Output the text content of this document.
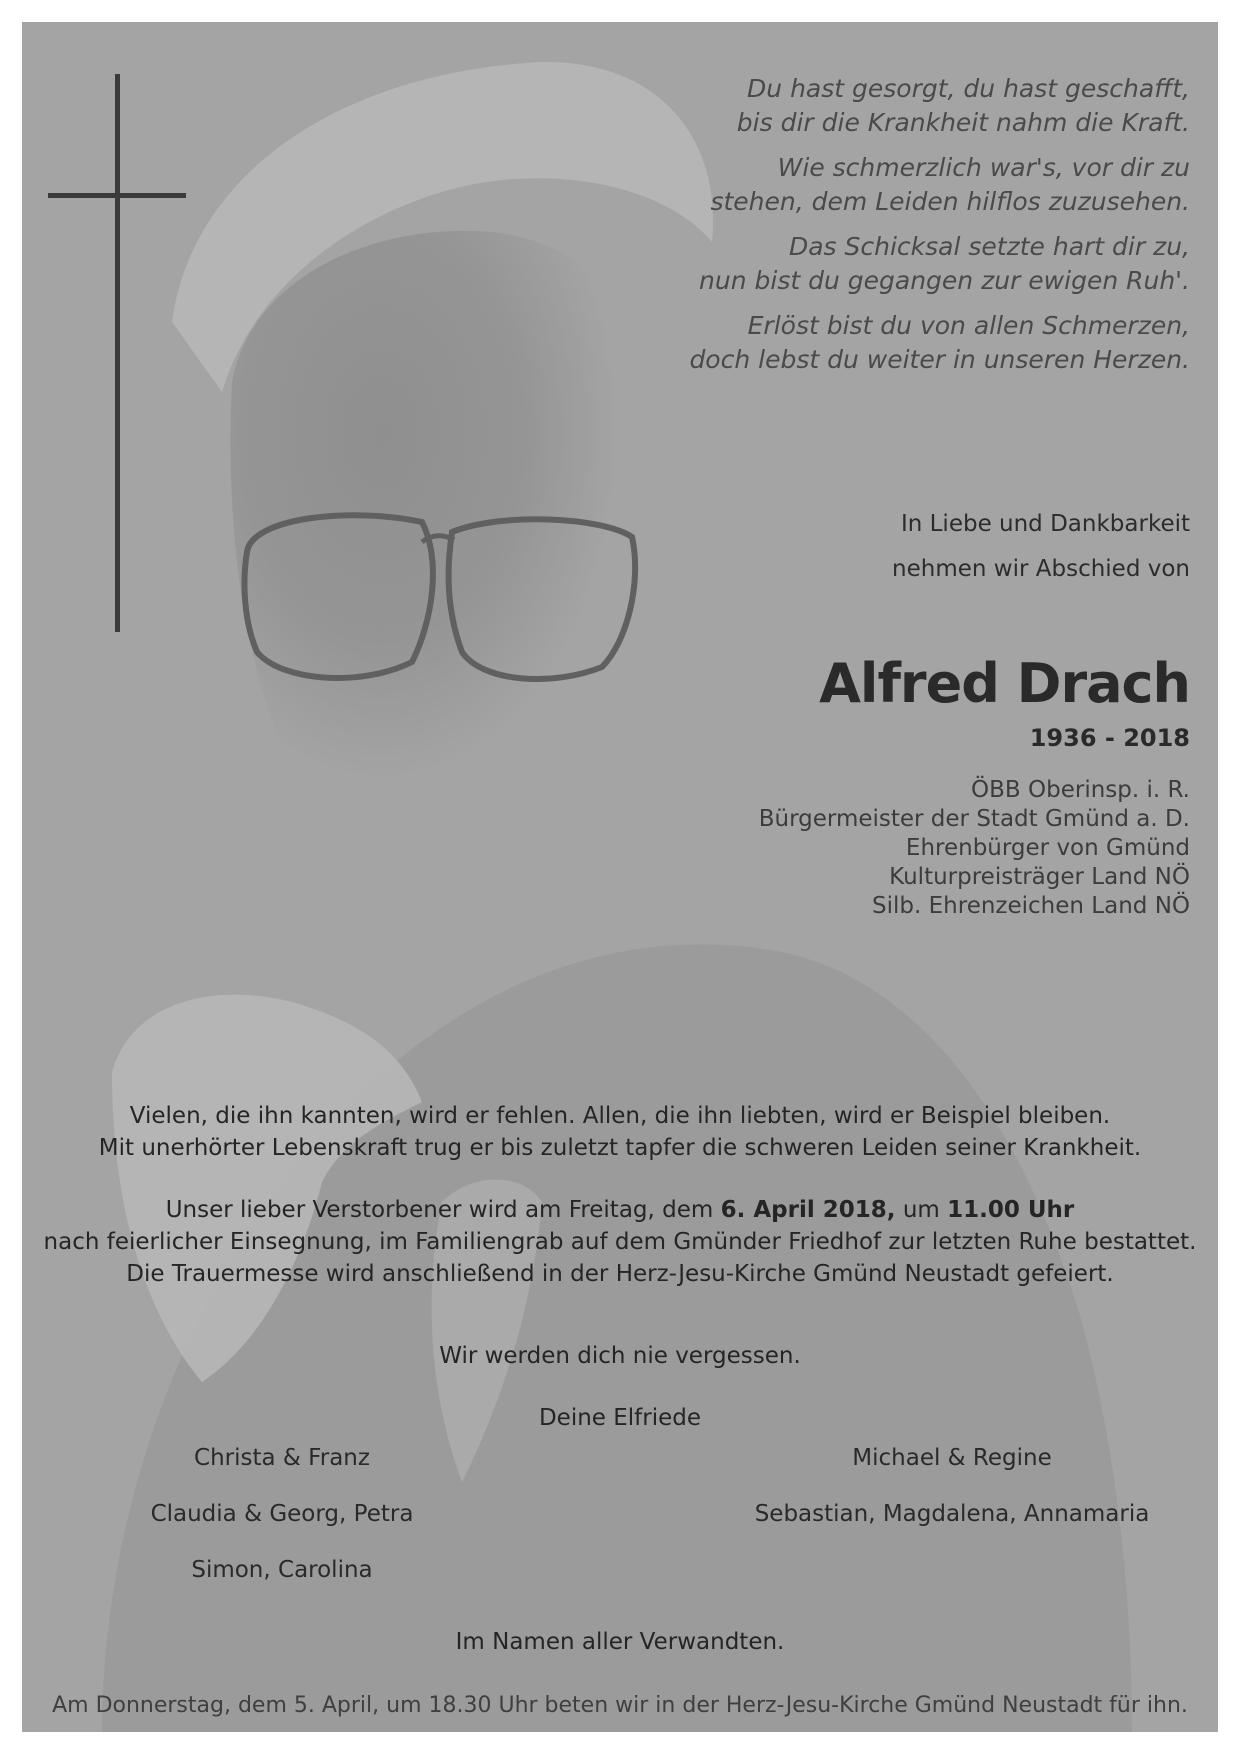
Du hast gesorgt, du hast geschafft,
bis dir die Krankheit nahm die Kraft.

Wie schmerzlich war's, vor dir zu
stehen, dem Leiden hilflos zuzusehen.

Das Schicksal setzte hart dir zu,
nun bist du gegangen zur ewigen Ruh'.

Erlöst bist du von allen Schmerzen,
doch lebst du weiter in unseren Herzen.

In Liebe und Dankbarkeit
nehmen wir Abschied von
Alfred Drach
1936 - 2018
ÖBB Oberinsp. i. R.
Bürgermeister der Stadt Gmünd a. D.
Ehrenbürger von Gmünd
Kulturpreisträger Land NÖ
Silb. Ehrenzeichen Land NÖ
Vielen, die ihn kannten, wird er fehlen. Allen, die ihn liebten, wird er Beispiel bleiben.
Mit unerhörter Lebenskraft trug er bis zuletzt tapfer die schweren Leiden seiner Krankheit.
Unser lieber Verstorbener wird am Freitag, dem 6. April 2018, um 11.00 Uhr
nach feierlicher Einsegnung, im Familiengrab auf dem Gmünder Friedhof zur letzten Ruhe bestattet.
Die Trauermesse wird anschließend in der Herz-Jesu-Kirche Gmünd Neustadt gefeiert.
Wir werden dich nie vergessen.
Deine Elfriede
Christa & Franz
Claudia & Georg, Petra
Simon, Carolina
Michael & Regine
Sebastian, Magdalena, Annamaria
Im Namen aller Verwandten.
Am Donnerstag, dem 5. April, um 18.30 Uhr beten wir in der Herz-Jesu-Kirche Gmünd Neustadt für ihn.
